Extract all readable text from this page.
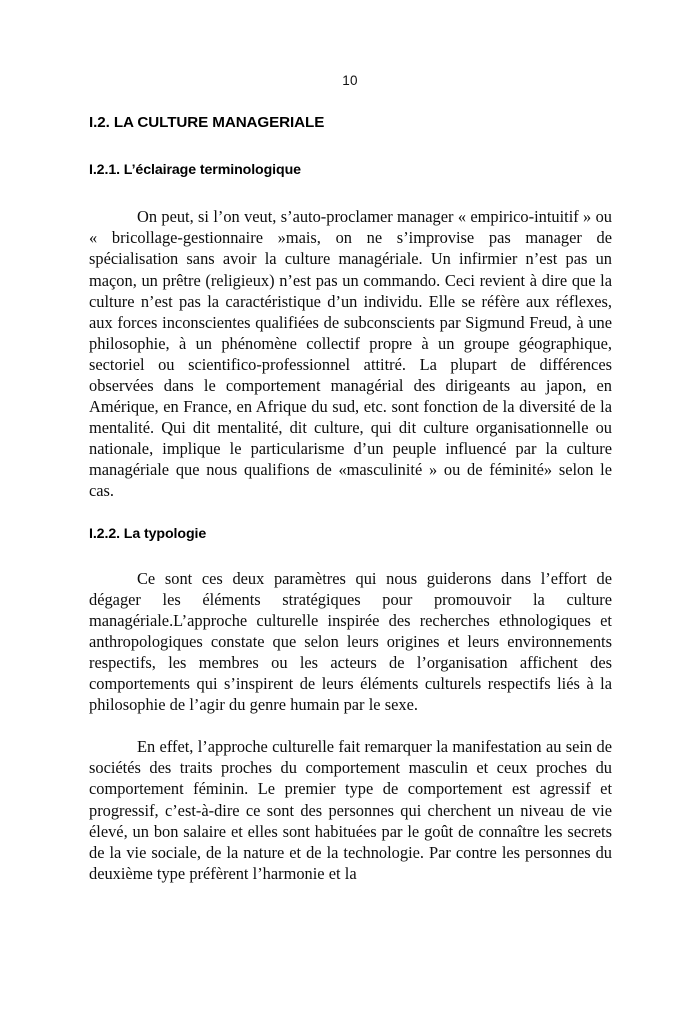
10
I.2. LA CULTURE MANAGERIALE
I.2.1. L’éclairage terminologique

On peut, si l’on veut, s’auto-proclamer manager « empirico-intuitif » ou « bricollage-gestionnaire »mais, on ne s’improvise pas manager de spécialisation sans avoir la culture managériale. Un infirmier n’est pas un maçon, un prêtre (religieux) n’est pas un commando. Ceci revient à dire que la culture n’est pas la caractéristique d’un individu. Elle se réfère aux réflexes, aux forces inconscientes qualifiées de subconscients par Sigmund Freud, à une philosophie, à un phénomène collectif propre à un groupe géographique, sectoriel ou scientifico-professionnel attitré. La plupart de différences observées dans le comportement managérial des dirigeants au japon, en Amérique, en France, en Afrique du sud, etc. sont fonction de la diversité de la mentalité. Qui dit mentalité, dit culture, qui dit culture organisationnelle ou nationale, implique le particularisme d’un peuple influencé par la culture managériale que nous qualifions de «masculinité » ou de féminité» selon le cas.

I.2.2. La typologie

Ce sont ces deux paramètres qui nous guiderons dans l’effort de dégager les éléments stratégiques pour promouvoir la culture managériale.L’approche culturelle inspirée des recherches ethnologiques et anthropologiques constate que selon leurs origines et leurs environnements respectifs, les membres ou les acteurs de l’organisation affichent des comportements qui s’inspirent de leurs éléments culturels respectifs liés à la philosophie de l’agir du genre humain par le sexe.

En effet, l’approche culturelle fait remarquer la manifestation au sein de sociétés des traits proches du comportement masculin et ceux proches du comportement féminin. Le premier type de comportement est agressif et progressif, c’est-à-dire ce sont des personnes qui cherchent un niveau de vie élevé, un bon salaire et elles sont habituées par le goût de connaître les secrets de la vie sociale, de la nature et de la technologie. Par contre les personnes du deuxième type préfèrent l’harmonie et la
